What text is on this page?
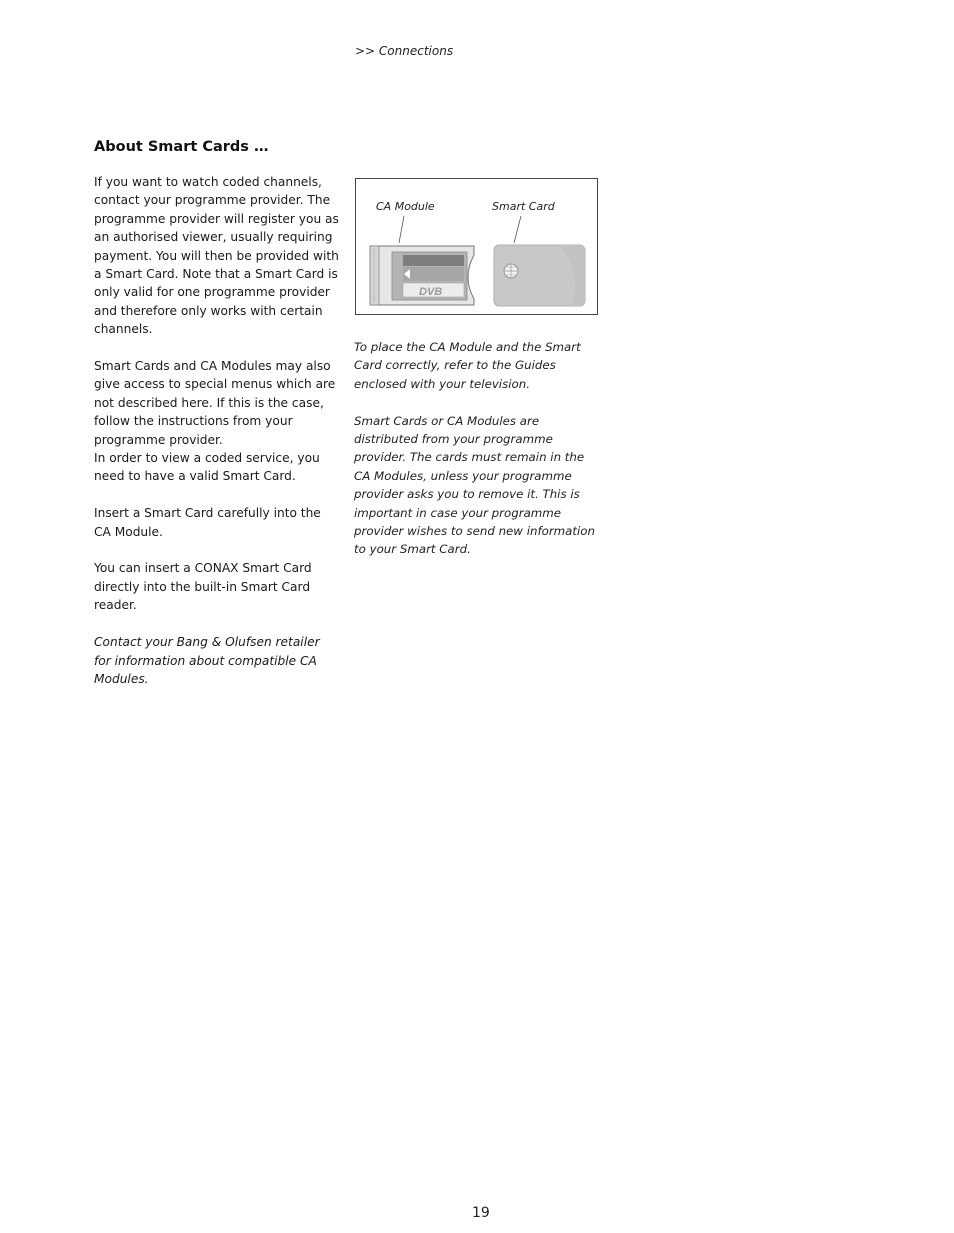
>> Connections
About Smart Cards …

If you want to watch coded channels, contact your programme provider. The programme provider will register you as an authorised viewer, usually requiring payment. You will then be provided with a Smart Card. Note that a Smart Card is only valid for one programme provider and therefore only works with certain channels.

Smart Cards and CA Modules may also give access to special menus which are not described here. If this is the case, follow the instructions from your programme provider.

In order to view a coded service, you need to have a valid Smart Card.

Insert a Smart Card carefully into the CA Module.

You can insert a CONAX Smart Card directly into the built-in Smart Card reader.

Contact your Bang & Olufsen retailer for information about compatible CA Modules.

CA Module	Smart Card
DVB

To place the CA Module and the Smart Card correctly, refer to the Guides enclosed with your television.

Smart Cards or CA Modules are distributed from your programme provider. The cards must remain in the CA Modules, unless your programme provider asks you to remove it. This is important in case your programme provider wishes to send new information to your Smart Card.

19
